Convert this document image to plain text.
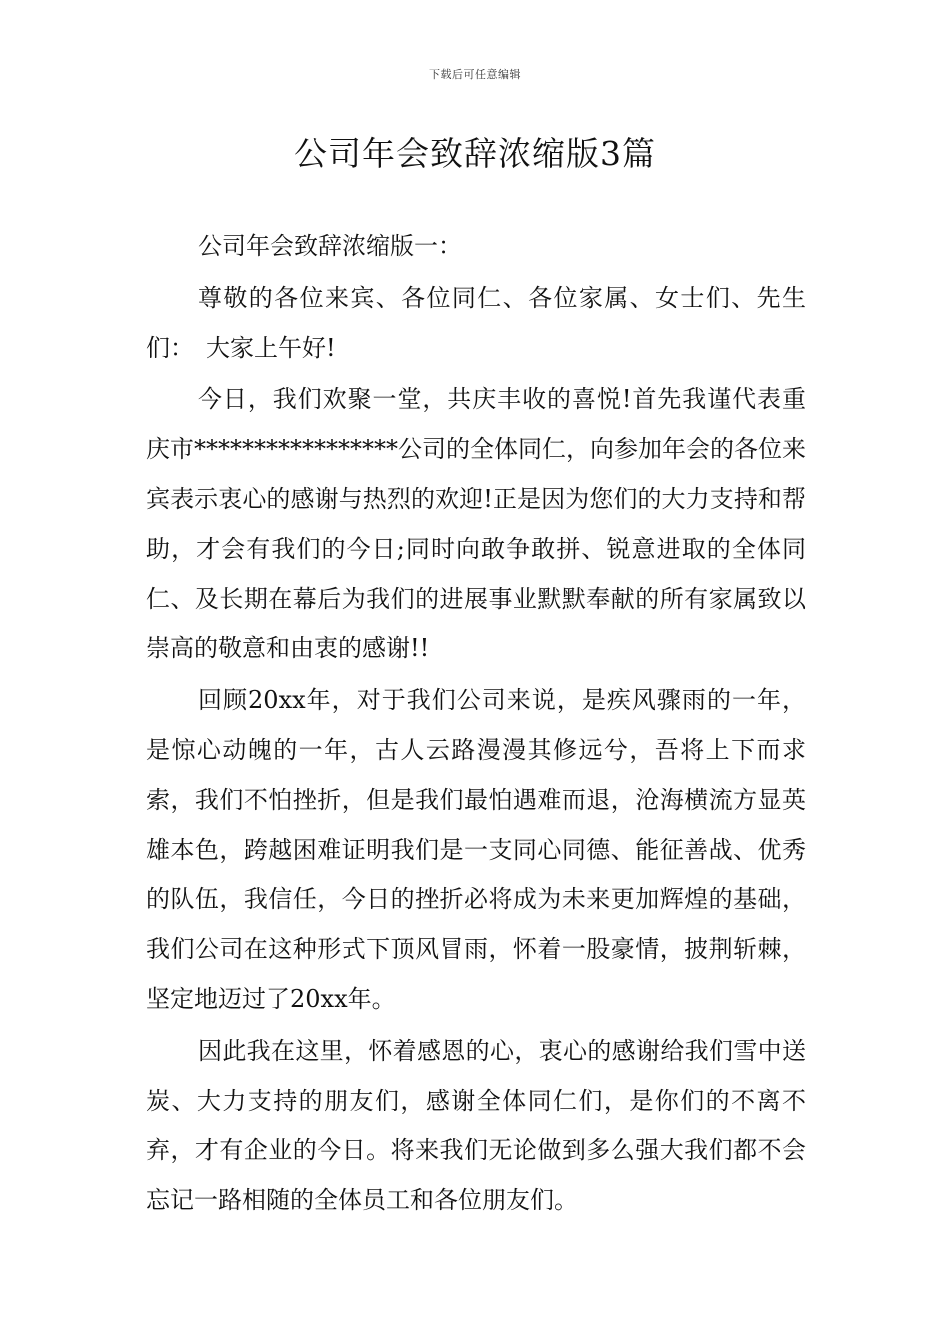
下载后可任意编辑
公司年会致辞浓缩版3篇

公司年会致辞浓缩版一：

尊敬的各位来宾、各位同仁、各位家属、女士们、先生们：　大家上午好!

今日，我们欢聚一堂，共庆丰收的喜悦!首先我谨代表重庆市*****************公司的全体同仁，向参加年会的各位来宾表示衷心的感谢与热烈的欢迎!正是因为您们的大力支持和帮助，才会有我们的今日;同时向敢争敢拼、锐意进取的全体同仁、及长期在幕后为我们的进展事业默默奉献的所有家属致以崇高的敬意和由衷的感谢!!

回顾20xx年，对于我们公司来说，是疾风骤雨的一年，是惊心动魄的一年，古人云路漫漫其修远兮，吾将上下而求索，我们不怕挫折，但是我们最怕遇难而退，沧海横流方显英雄本色，跨越困难证明我们是一支同心同德、能征善战、优秀的队伍，我信任，今日的挫折必将成为未来更加辉煌的基础，我们公司在这种形式下顶风冒雨，怀着一股豪情，披荆斩棘，坚定地迈过了20xx年。

因此我在这里，怀着感恩的心，衷心的感谢给我们雪中送炭、大力支持的朋友们，感谢全体同仁们，是你们的不离不弃，才有企业的今日。将来我们无论做到多么强大我们都不会忘记一路相随的全体员工和各位朋友们。
